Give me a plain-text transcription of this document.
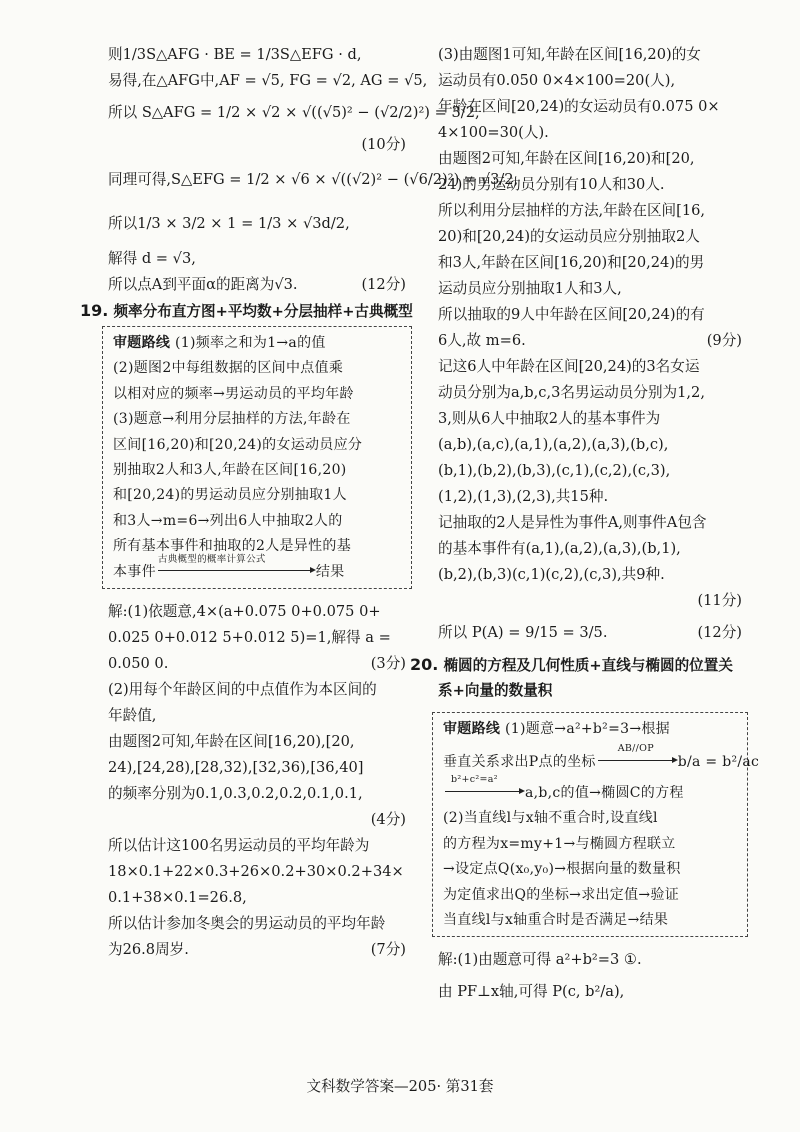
则1/3S△AFG · BE = 1/3S△EFG · d,
易得,在△AFG中,AF = √5, FG = √2, AG = √5,
所以 S△AFG = 1/2 × √2 × √((√5)² − (√2/2)²) = 3/2,
(10分)
同理可得,S△EFG = 1/2 × √6 × √((√2)² − (√6/2)²) = √3/2,
所以1/3 × 3/2 × 1 = 1/3 × √3d/2,
解得 d = √3,
所以点A到平面α的距离为√3.	(12分)
19. 频率分布直方图+平均数+分层抽样+古典概型
审题路线 (1)频率之和为1→a的值
(2)题图2中每组数据的区间中点值乘
以相对应的频率→男运动员的平均年龄
(3)题意→利用分层抽样的方法,年龄在
区间[16,20)和[20,24)的女运动员应分
别抽取2人和3人,年龄在区间[16,20)
和[20,24)的男运动员应分别抽取1人
和3人→m=6→列出6人中抽取2人的
所有基本事件和抽取的2人是异性的基
本事件
古典概型的概率计算公式
结果
解:(1)依题意,4×(a+0.075 0+0.075 0+
0.025 0+0.012 5+0.012 5)=1,解得 a =
0.050 0.	(3分)
(2)用每个年龄区间的中点值作为本区间的
年龄值,
由题图2可知,年龄在区间[16,20),[20,
24),[24,28),[28,32),[32,36),[36,40]
的频率分别为0.1,0.3,0.2,0.2,0.1,0.1,
(4分)
所以估计这100名男运动员的平均年龄为
18×0.1+22×0.3+26×0.2+30×0.2+34×
0.1+38×0.1=26.8,
所以估计参加冬奥会的男运动员的平均年龄
为26.8周岁.	(7分)
(3)由题图1可知,年龄在区间[16,20)的女
运动员有0.050 0×4×100=20(人),
年龄在区间[20,24)的女运动员有0.075 0×
4×100=30(人).
由题图2可知,年龄在区间[16,20)和[20,
24)的男运动员分别有10人和30人.
所以利用分层抽样的方法,年龄在区间[16,
20)和[20,24)的女运动员应分别抽取2人
和3人,年龄在区间[16,20)和[20,24)的男
运动员应分别抽取1人和3人,
所以抽取的9人中年龄在区间[20,24)的有
6人,故 m=6.	(9分)
记这6人中年龄在区间[20,24)的3名女运
动员分别为a,b,c,3名男运动员分别为1,2,
3,则从6人中抽取2人的基本事件为
(a,b),(a,c),(a,1),(a,2),(a,3),(b,c),
(b,1),(b,2),(b,3),(c,1),(c,2),(c,3),
(1,2),(1,3),(2,3),共15种.
记抽取的2人是异性为事件A,则事件A包含
的基本事件有(a,1),(a,2),(a,3),(b,1),
(b,2),(b,3)(c,1)(c,2),(c,3),共9种.
(11分)
所以 P(A) = 9/15 = 3/5.	(12分)
20. 椭圆的方程及几何性质+直线与椭圆的位置关
系+向量的数量积
审题路线 (1)题意→a²+b²=3→根据
垂直关系求出P点的坐标
AB//OP
b/a = b²/ac
b²+c²=a²
a,b,c的值→椭圆C的方程
(2)当直线l与x轴不重合时,设直线l
的方程为x=my+1→与椭圆方程联立
→设定点Q(x₀,y₀)→根据向量的数量积
为定值求出Q的坐标→求出定值→验证
当直线l与x轴重合时是否满足→结果
解:(1)由题意可得 a²+b²=3 ①.
由 PF⊥x轴,可得 P(c, b²/a),
文科数学答案—205· 第31套
